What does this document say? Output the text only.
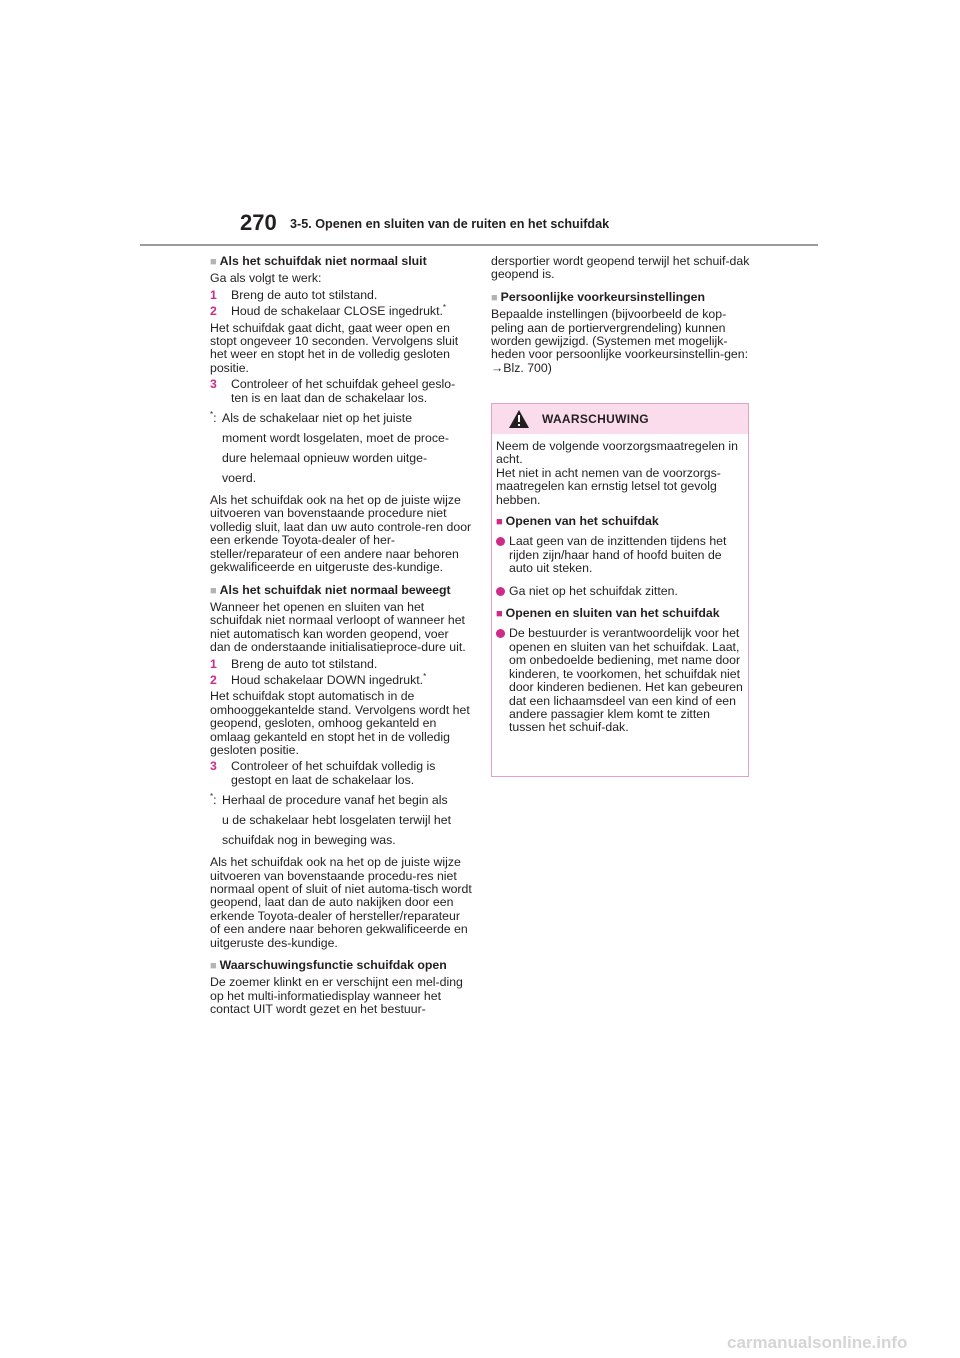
270 3-5. Openen en sluiten van de ruiten en het schuifdak
■ Als het schuifdak niet normaal sluit

Ga als volgt te werk:

1 Breng de auto tot stilstand.
2 Houd de schakelaar CLOSE ingedrukt.*

Het schuifdak gaat dicht, gaat weer open en stopt ongeveer 10 seconden. Vervolgens sluit het weer en stopt het in de volledig gesloten positie.

3 Controleer of het schuifdak geheel geslo-ten is en laat dan de schakelaar los.
*: Als de schakelaar niet op het juiste
moment wordt losgelaten, moet de proce-
dure helemaal opnieuw worden uitge-
voerd.

Als het schuifdak ook na het op de juiste wijze uitvoeren van bovenstaande procedure niet volledig sluit, laat dan uw auto controle-ren door een erkende Toyota-dealer of her-steller/reparateur of een andere naar behoren gekwalificeerde en uitgeruste des-kundige.

■ Als het schuifdak niet normaal beweegt

Wanneer het openen en sluiten van het schuifdak niet normaal verloopt of wanneer het niet automatisch kan worden geopend, voer dan de onderstaande initialisatieproce-dure uit.

1 Breng de auto tot stilstand.
2 Houd schakelaar DOWN ingedrukt.*

Het schuifdak stopt automatisch in de omhooggekantelde stand. Vervolgens wordt het geopend, gesloten, omhoog gekanteld en omlaag gekanteld en stopt het in de volledig gesloten positie.

3 Controleer of het schuifdak volledig is gestopt en laat de schakelaar los.
*: Herhaal de procedure vanaf het begin als
u de schakelaar hebt losgelaten terwijl het
schuifdak nog in beweging was.

Als het schuifdak ook na het op de juiste wijze uitvoeren van bovenstaande procedu-res niet normaal opent of sluit of niet automa-tisch wordt geopend, laat dan de auto nakijken door een erkende Toyota-dealer of hersteller/reparateur of een andere naar behoren gekwalificeerde en uitgeruste des-kundige.

■ Waarschuwingsfunctie schuifdak open

De zoemer klinkt en er verschijnt een mel-ding op het multi-informatiedisplay wanneer het contact UIT wordt gezet en het bestuur-

dersportier wordt geopend terwijl het schuif-dak geopend is.

■ Persoonlijke voorkeursinstellingen

Bepaalde instellingen (bijvoorbeeld de kop-peling aan de portiervergrendeling) kunnen worden gewijzigd. (Systemen met mogelijk-heden voor persoonlijke voorkeursinstellin-gen: →Blz. 700)

WAARSCHUWING
Neem de volgende voorzorgsmaatregelen in acht.
Het niet in acht nemen van de voorzorgs-maatregelen kan ernstig letsel tot gevolg hebben.
■ Openen van het schuifdak
Laat geen van de inzittenden tijdens het rijden zijn/haar hand of hoofd buiten de auto uit steken.
Ga niet op het schuifdak zitten.
■ Openen en sluiten van het schuifdak
De bestuurder is verantwoordelijk voor het openen en sluiten van het schuifdak. Laat, om onbedoelde bediening, met name door kinderen, te voorkomen, het schuifdak niet door kinderen bedienen. Het kan gebeuren dat een lichaamsdeel van een kind of een andere passagier klem komt te zitten tussen het schuif-dak.
carmanualsonline.info
